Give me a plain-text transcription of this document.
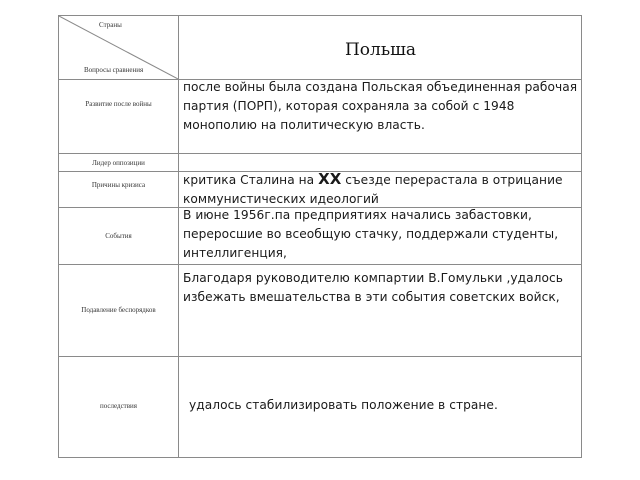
Страны
Вопросы сравнения
Польша
Развитие после войны
после войны была создана Польская объединенная рабочая партия (ПОРП), которая сохраняла за собой с 1948 монополию на политическую власть.
Лидер оппозиции
Причины кризиса	критика Сталина на XX съезде перерастала в отрицание коммунистических идеологий
События
В июне 1956г.па предприятиях начались забастовки, переросшие во всеобщую стачку, поддержали студенты, интеллигенция,
Подавление беспорядков
Благодаря руководителю компартии В.Гомульки ,удалось избежать вмешательства в эти события советских войск,
последствия	удалось стабилизировать положение в стране.
